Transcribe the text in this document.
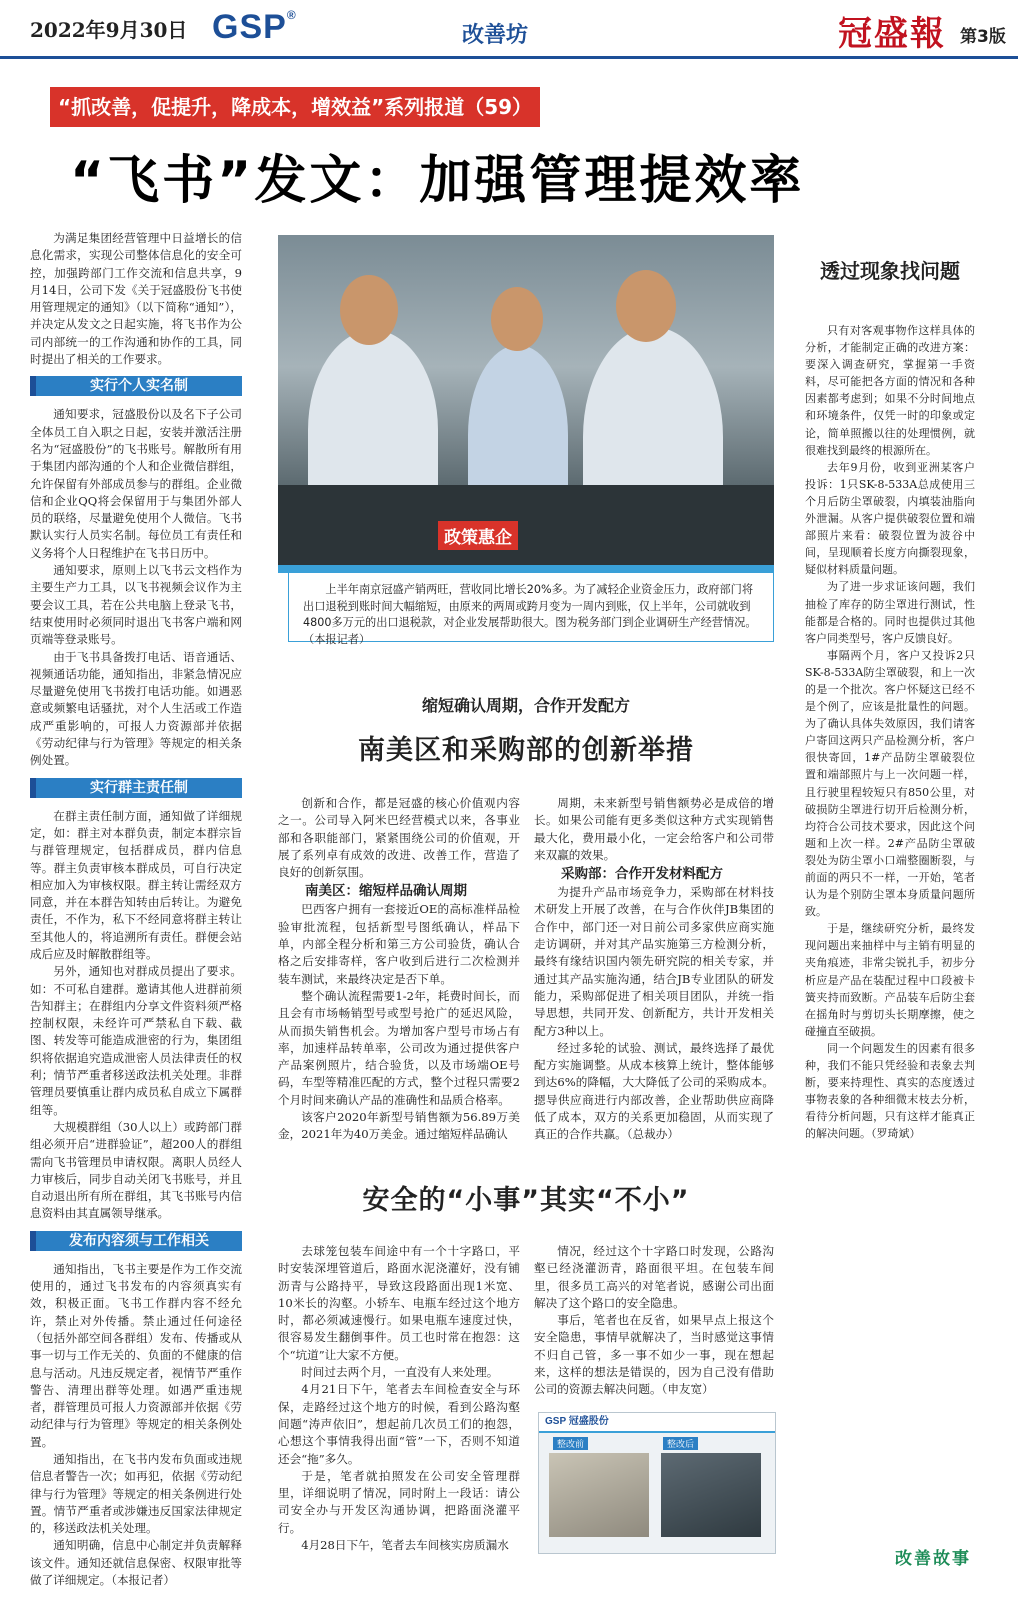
2022年9月30日 GSP®
改善坊	冠盛報 第3版
“抓改善，促提升，降成本，增效益”系列报道（59）
“飞书”发文：加强管理提效率

为满足集团经营管理中日益增长的信息化需求，实现公司整体信息化的安全可控，加强跨部门工作交流和信息共享，9月14日，公司下发《关于冠盛股份飞书使用管理规定的通知》（以下简称“通知”），并决定从发文之日起实施，将飞书作为公司内部统一的工作沟通和协作的工具，同时提出了相关的工作要求。

实行个人实名制

通知要求，冠盛股份以及名下子公司全体员工自入职之日起，安装并激活注册名为“冠盛股份”的飞书账号。解散所有用于集团内部沟通的个人和企业微信群组，允许保留有外部成员参与的群组。企业微信和企业QQ将会保留用于与集团外部人员的联络，尽量避免使用个人微信。飞书默认实行人员实名制。每位员工有责任和义务将个人日程维护在飞书日历中。

通知要求，原则上以飞书云文档作为主要生产力工具，以飞书视频会议作为主要会议工具，若在公共电脑上登录飞书，结束使用时必须同时退出飞书客户端和网页端等登录账号。

由于飞书具备拨打电话、语音通话、视频通话功能，通知指出，非紧急情况应尽量避免使用飞书拨打电话功能。如遇恶意或频繁电话骚扰，对个人生活或工作造成严重影响的，可报人力资源部并依据《劳动纪律与行为管理》等规定的相关条例处置。

实行群主责任制

在群主责任制方面，通知做了详细规定，如：群主对本群负责，制定本群宗旨与群管理规定，包括群成员，群内信息等。群主负责审核本群成员，可自行决定相应加入为审核权限。群主转让需经双方同意，并在本群告知转由后转让。为避免责任，不作为，私下不经同意将群主转让至其他人的，将追溯所有责任。群便会站成后应及时解散群组等。

另外，通知也对群成员提出了要求。如：不可私自建群。邀请其他人进群前须告知群主；在群组内分享文件资料须严格控制权限，未经许可严禁私自下载、截图、转发等可能造成泄密的行为，集团组织将依据追究造成泄密人员法律责任的权利；情节严重者移送政法机关处理。非群管理员要慎重让群内成员私自成立下属群组等。

大规模群组（30人以上）或跨部门群组必须开启“进群验证”，超200人的群组需向飞书管理员申请权限。离职人员经人力审核后，同步自动关闭飞书账号，并且自动退出所有所在群组，其飞书账号内信息资料由其直属领导继承。

发布内容须与工作相关

通知指出，飞书主要是作为工作交流使用的，通过飞书发布的内容须真实有效，积极正面。飞书工作群内容不经允许，禁止对外传播。禁止通过任何途径（包括外部空间各群组）发布、传播或从事一切与工作无关的、负面的不健康的信息与活动。凡违反规定者，视情节严重作警告、清理出群等处理。如遇严重违规者，群管理员可报人力资源部并依据《劳动纪律与行为管理》等规定的相关条例处置。

通知指出，在飞书内发布负面或违规信息者警告一次；如再犯，依据《劳动纪律与行为管理》等规定的相关条例进行处置。情节严重者或涉嫌违反国家法律规定的，移送政法机关处理。

通知明确，信息中心制定并负责解释该文件。通知还就信息保密、权限审批等做了详细规定。（本报记者）

政策惠企
上半年南京冠盛产销两旺，营收同比增长20%多。为了减轻企业资金压力，政府部门将出口退税到账时间大幅缩短，由原来的两周或跨月变为一周内到账，仅上半年，公司就收到4800多万元的出口退税款，对企业发展帮助很大。图为税务部门到企业调研生产经营情况。（本报记者）
缩短确认周期，合作开发配方
南美区和采购部的创新举措

创新和合作，都是冠盛的核心价值观内容之一。公司导入阿米巴经营模式以来，各事业部和各职能部门，紧紧围绕公司的价值观，开展了系列卓有成效的改进、改善工作，营造了良好的创新氛围。

南美区：缩短样品确认周期

巴西客户拥有一套接近OE的高标准样品检验审批流程，包括新型号图纸确认，样品下单，内部全程分析和第三方公司验货，确认合格之后安排寄样，客户收到后进行二次检测并装车测试，来最终决定是否下单。

整个确认流程需要1-2年，耗费时间长，而且会有市场畅销型号或型号抢广的延迟风险，从而损失销售机会。为增加客户型号市场占有率，加速样品转单率，公司改为通过提供客户产品案例照片，结合验货，以及市场端OE号码，车型等精准匹配的方式，整个过程只需要2个月时间来确认产品的准确性和品质合格率。

该客户2020年新型号销售额为56.89万美金，2021年为40万美金。通过缩短样品确认

周期，未来新型号销售额势必是成倍的增长。如果公司能有更多类似这种方式实现销售最大化，费用最小化，一定会给客户和公司带来双赢的效果。

采购部：合作开发材料配方

为提升产品市场竞争力，采购部在材料技术研发上开展了改善，在与合作伙伴JB集团的合作中，部门还一对日前公司多家供应商实施走访调研，并对其产品实施第三方检测分析，最终有缘结识国内领先研究院的相关专家，并通过其产品实施沟通，结合JB专业团队的研发能力，采购部促进了相关项目团队，并统一指导思想，共同开发、创新配方，共计开发相关配方3种以上。

经过多轮的试验、测试，最终选择了最优配方实施调整。从成本核算上统计，整体能够到达6%的降幅，大大降低了公司的采购成本。摁导供应商进行内部改善，企业帮助供应商降低了成本，双方的关系更加稳固，从而实现了真正的合作共赢。（总裁办）

安全的“小事”其实“不小”

去球笼包装车间途中有一个十字路口，平时安装深埋管道后，路面水泥浇灌好，没有铺沥青与公路持平，导致这段路面出现1米宽、10米长的沟壑。小轿车、电瓶车经过这个地方时，都必须减速慢行。如果电瓶车速度过快，很容易发生翻倒事件。员工也时常在抱怨：这个“坑道”让大家不方便。

时间过去两个月，一直没有人来处理。

4月21日下午，笔者去车间检查安全与环保，走路经过这个地方的时候，看到公路沟壑间题“涛声依旧”，想起前几次员工们的抱怨，心想这个事情我得出面“管”一下，否则不知道还会“拖”多久。

于是，笔者就拍照发在公司安全管理群里，详细说明了情况，同时附上一段话：请公司安全办与开发区沟通协调，把路面浇灌平行。

4月28日下午，笔者去车间核实房质漏水

情况，经过这个十字路口时发现，公路沟壑已经浇灌沥青，路面很平坦。在包装车间里，很多员工高兴的对笔者说，感谢公司出面解决了这个路口的安全隐患。

事后，笔者也在反省，如果早点上报这个安全隐患，事情早就解决了，当时感觉这事情不归自己管，多一事不如少一事，现在想起来，这样的想法是错误的，因为自己没有借助公司的资源去解决问题。（申友宽）

GSP 冠盛股份
整改前	整改后
透过现象找问题

只有对客观事物作这样具体的分析，才能制定正确的改进方案：要深入调查研究，掌握第一手资料，尽可能把各方面的情况和各种因素都考虑到；如果不分时间地点和环境条件，仅凭一时的印象或定论，简单照搬以往的处理惯例，就很难找到最终的根源所在。

去年9月份，收到亚洲某客户投诉：1只SK-8-533A总成使用三个月后防尘罩破裂，内填装油脂向外泄漏。从客户提供破裂位置和端部照片来看：破裂位置为波谷中间，呈现顺着长度方向撕裂现象，疑似材料质量问题。

为了进一步求证该问题，我们抽检了库存的防尘罩进行测试，性能都是合格的。同时也提供过其他客户同类型号，客户反馈良好。

事隔两个月，客户又投诉2只SK-8-533A防尘罩破裂，和上一次的是一个批次。客户怀疑这已经不是个例了，应该是批量性的问题。为了确认具体失效原因，我们请客户寄回这两只产品检测分析，客户很快寄回，1#产品防尘罩破裂位置和端部照片与上一次问题一样，且行驶里程较短只有850公里，对破损防尘罩进行切开后检测分析，均符合公司技术要求，因此这个问题和上次一样。2#产品防尘罩破裂处为防尘罩小口端整圈断裂，与前面的两只不一样，一开始，笔者认为是个别防尘罩本身质量问题所致。

于是，继续研究分析，最终发现问题出来抽样中与主销有明显的夹角痕迹，非常尖锐扎手，初步分析应是产品在装配过程中口段被卡簧夹持而致断。产品装车后防尘套在摇角时与剪切头长期摩擦，使之碰撞直至破损。

同一个问题发生的因素有很多种，我们不能只凭经验和表象去判断，要来持理性、真实的态度透过事物表象的各种细微末枝去分析，看待分析问题，只有这样才能真正的解决问题。（罗琦斌）

改善故事
